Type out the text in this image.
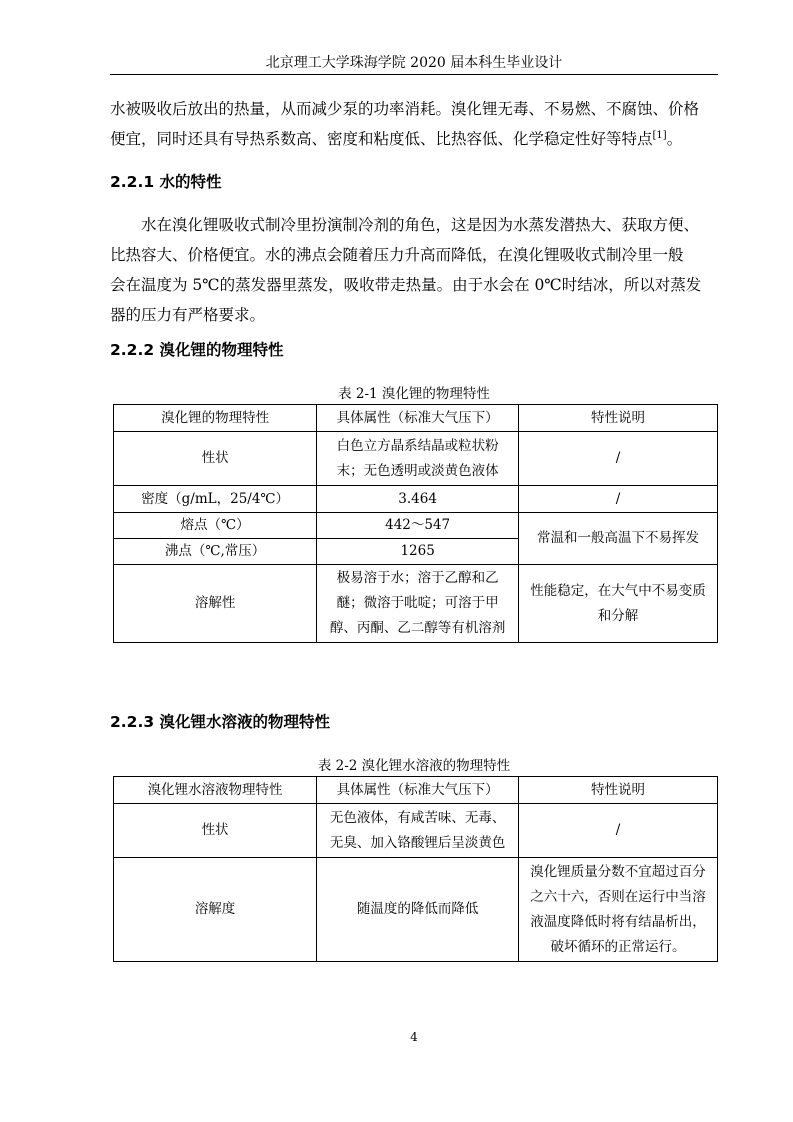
北京理工大学珠海学院 2020 届本科生毕业设计
水被吸收后放出的热量，从而减少泵的功率消耗。溴化锂无毒、不易燃、不腐蚀、价格
便宜，同时还具有导热系数高、密度和粘度低、比热容低、化学稳定性好等特点[1]。
2.2.1 水的特性
水在溴化锂吸收式制冷里扮演制冷剂的角色，这是因为水蒸发潜热大、获取方便、
比热容大、价格便宜。水的沸点会随着压力升高而降低，在溴化锂吸收式制冷里一般
会在温度为 5℃的蒸发器里蒸发，吸收带走热量。由于水会在 0℃时结冰，所以对蒸发
器的压力有严格要求。
2.2.2 溴化锂的物理特性
表 2-1 溴化锂的物理特性
溴化锂的物理特性	具体属性（标准大气压下）	特性说明
性状	白色立方晶系结晶或粒状粉
末；无色透明或淡黄色液体	/
密度（g/mL，25/4℃）	3.464	/
熔点（℃）	442～547	常温和一般高温下不易挥发
沸点（℃,常压）	1265	
溶解性	极易溶于水；溶于乙醇和乙
醚；微溶于吡啶；可溶于甲
醇、丙酮、乙二醇等有机溶剂	性能稳定，在大气中不易变质
和分解
2.2.3 溴化锂水溶液的物理特性
表 2-2 溴化锂水溶液的物理特性
溴化锂水溶液物理特性	具体属性（标准大气压下）	特性说明
性状	无色液体，有咸苦味、无毒、
无臭、加入铬酸锂后呈淡黄色	/
溶解度	随温度的降低而降低	溴化锂质量分数不宜超过百分
之六十六，否则在运行中当溶
液温度降低时将有结晶析出，
破坏循环的正常运行。
4
